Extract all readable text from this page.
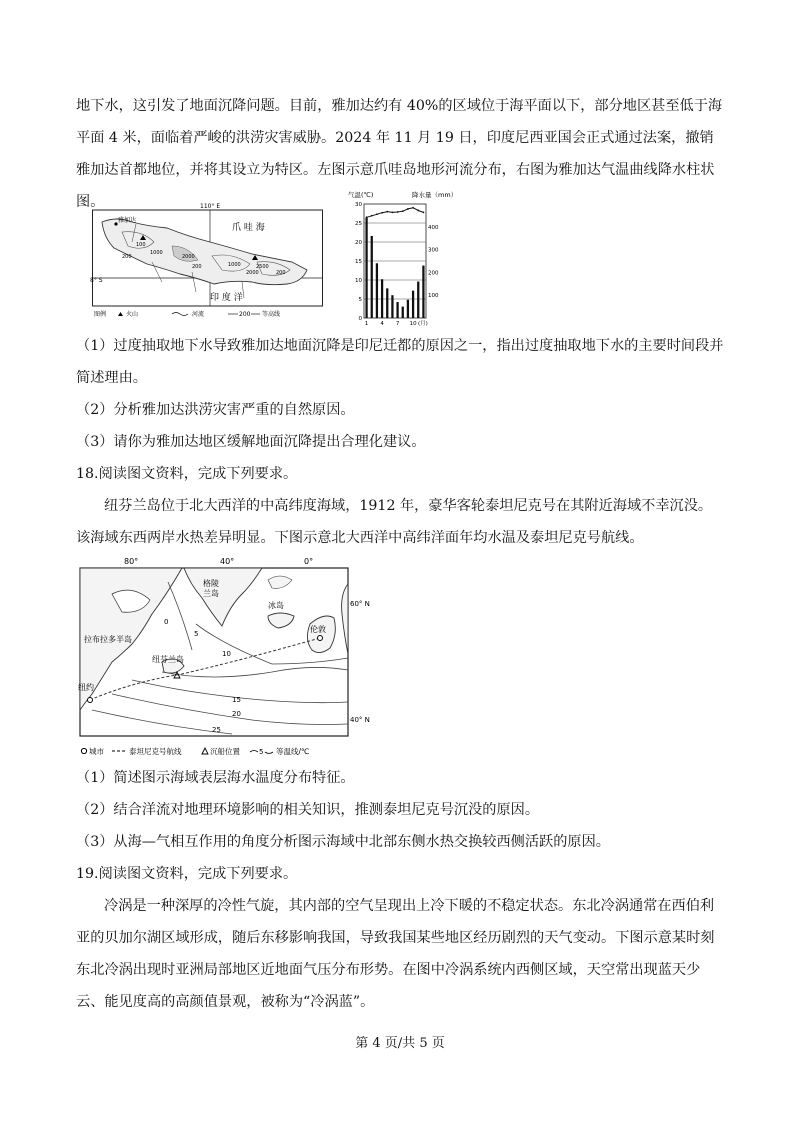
地下水，这引发了地面沉降问题。目前，雅加达约有 40%的区域位于海平面以下，部分地区甚至低于海平面 4 米，面临着严峻的洪涝灾害威胁。2024 年 11 月 19 日，印度尼西亚国会正式通过法案，撤销雅加达首都地位，并将其设立为特区。左图示意爪哇岛地形河流分布，右图为雅加达气温曲线降水柱状图。	110° E
8° S
雅加达
爪 哇 海
印 度 洋
100
200
1000
2000
200	1000
2000
2500
200
图例	火山	河流	200 等高线
气温(℃)	降水量（mm）
30
25
20
15
10
5
0
400
300
200
100
1 4 7 10 (月)

（1）过度抽取地下水导致雅加达地面沉降是印尼迁都的原因之一，指出过度抽取地下水的主要时间段并简述理由。

（2）分析雅加达洪涝灾害严重的自然原因。

（3）请你为雅加达地区缓解地面沉降提出合理化建议。

18.阅读图文资料，完成下列要求。

纽芬兰岛位于北大西洋的中高纬度海域，1912 年，豪华客轮泰坦尼克号在其附近海域不幸沉没。该海域东西两岸水热差异明显。下图示意北大西洋中高纬洋面年均水温及泰坦尼克号航线。

80°	40°	0°
60° N
40° N
0
5
10
15
20
25
格陵
兰岛
拉布拉多半岛
冰岛
纽芬兰岛
纽约
伦敦
城市	泰坦尼克号航线	沉船位置	5 等温线/℃

（1）简述图示海域表层海水温度分布特征。

（2）结合洋流对地理环境影响的相关知识，推测泰坦尼克号沉没的原因。

（3）从海—气相互作用的角度分析图示海域中北部东侧水热交换较西侧活跃的原因。

19.阅读图文资料，完成下列要求。

冷涡是一种深厚的冷性气旋，其内部的空气呈现出上冷下暖的不稳定状态。东北冷涡通常在西伯利亚的贝加尔湖区域形成，随后东移影响我国，导致我国某些地区经历剧烈的天气变动。下图示意某时刻东北冷涡出现时亚洲局部地区近地面气压分布形势。在图中冷涡系统内西侧区域，天空常出现蓝天少云、能见度高的高颜值景观，被称为“冷涡蓝”。

第 4 页/共 5 页
